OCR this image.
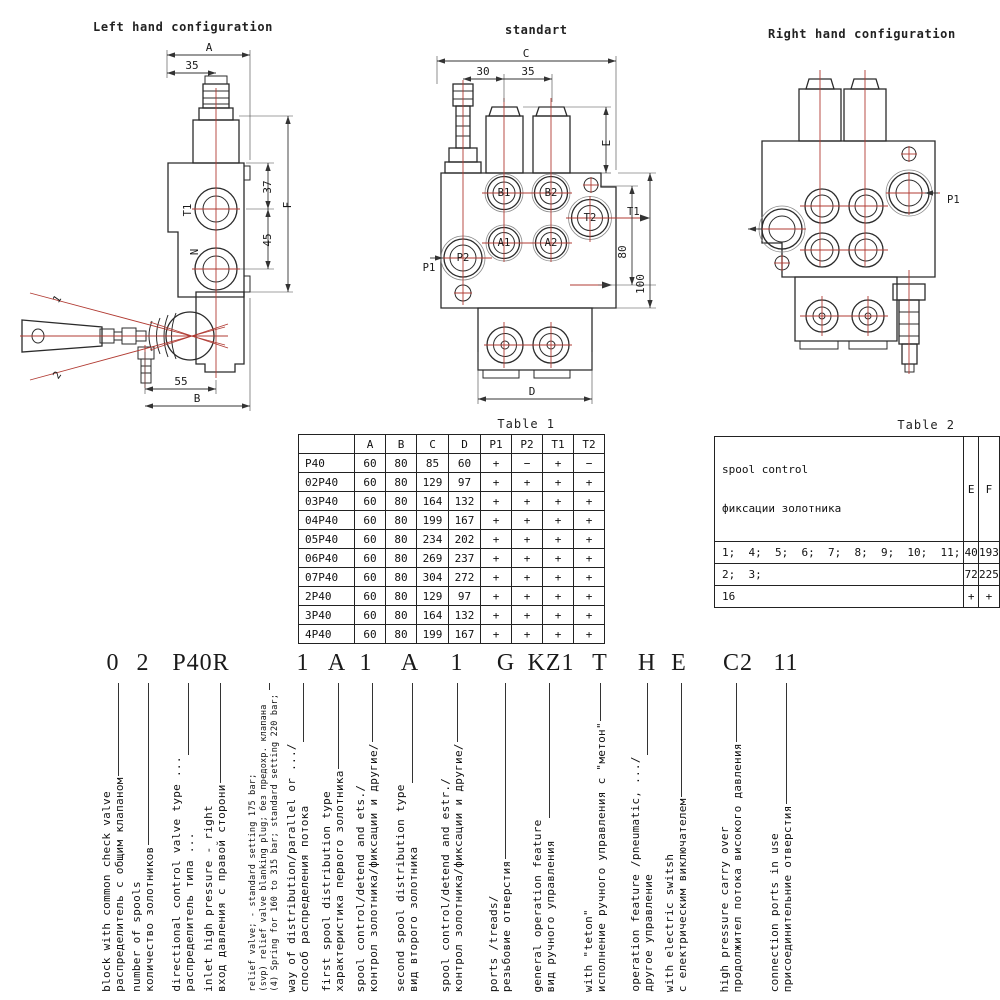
Left hand configuration	standart	Right hand configuration
A
35
37
45
F
55
B
T1
N
1
2
C
30	35
E
T1
80
100
D
B1	B2
T2
A1	A2
P2
P1
P1
Table 1
	A	B	C	D	P1	P2	T1	T2
P40	60	80	85	60	+	−	+	−
02P40	60	80	129	97	+	+	+	+
03P40	60	80	164	132	+	+	+	+
04P40	60	80	199	167	+	+	+	+
05P40	60	80	234	202	+	+	+	+
06P40	60	80	269	237	+	+	+	+
07P40	60	80	304	272	+	+	+	+
2P40	60	80	129	97	+	+	+	+
3P40	60	80	164	132	+	+	+	+
4P40	60	80	199	167	+	+	+	+
Table 2

spool control

фиксации золотника	E	F
1;  4;  5;  6;  7;  8;  9;  10;  11;	40	193
2;  3;	72	225
16	+	+
0 2 P40R	1 A 1 A 1 G KZ1 T H E C2 11
block with common check valve распределитель с общим клапаном number of spools количество золотников directional control valve type ... распределитель типа ... inlet high pressure - right вход давления с правой сторони relief valve; - standard setting 175 bar; (svp) relief valve blanking plug; без предохр. клапана (4) Spring for 160 to 315 bar; standard setting 220 bar; way of distribution/parallel or .../ способ распределения потока first spool distribution type характеристика первого золотника spool control/detend and ets./ контрол золотника/фиксации и другие/ second spool distribution type вид второго золотника spool control/detend and estr./ контрол золотника/фиксации и другие/ ports /treads/ резьбовие отверстия general operation feature вид ручного управления with "teton" исполнение ручного управления с "метон" operation feature /pneumatic, .../ другое управление with electric switsh с електрическим виключателем	high pressure carry over продолжител потока високого давления connection ports in use присоединительние отверстия
